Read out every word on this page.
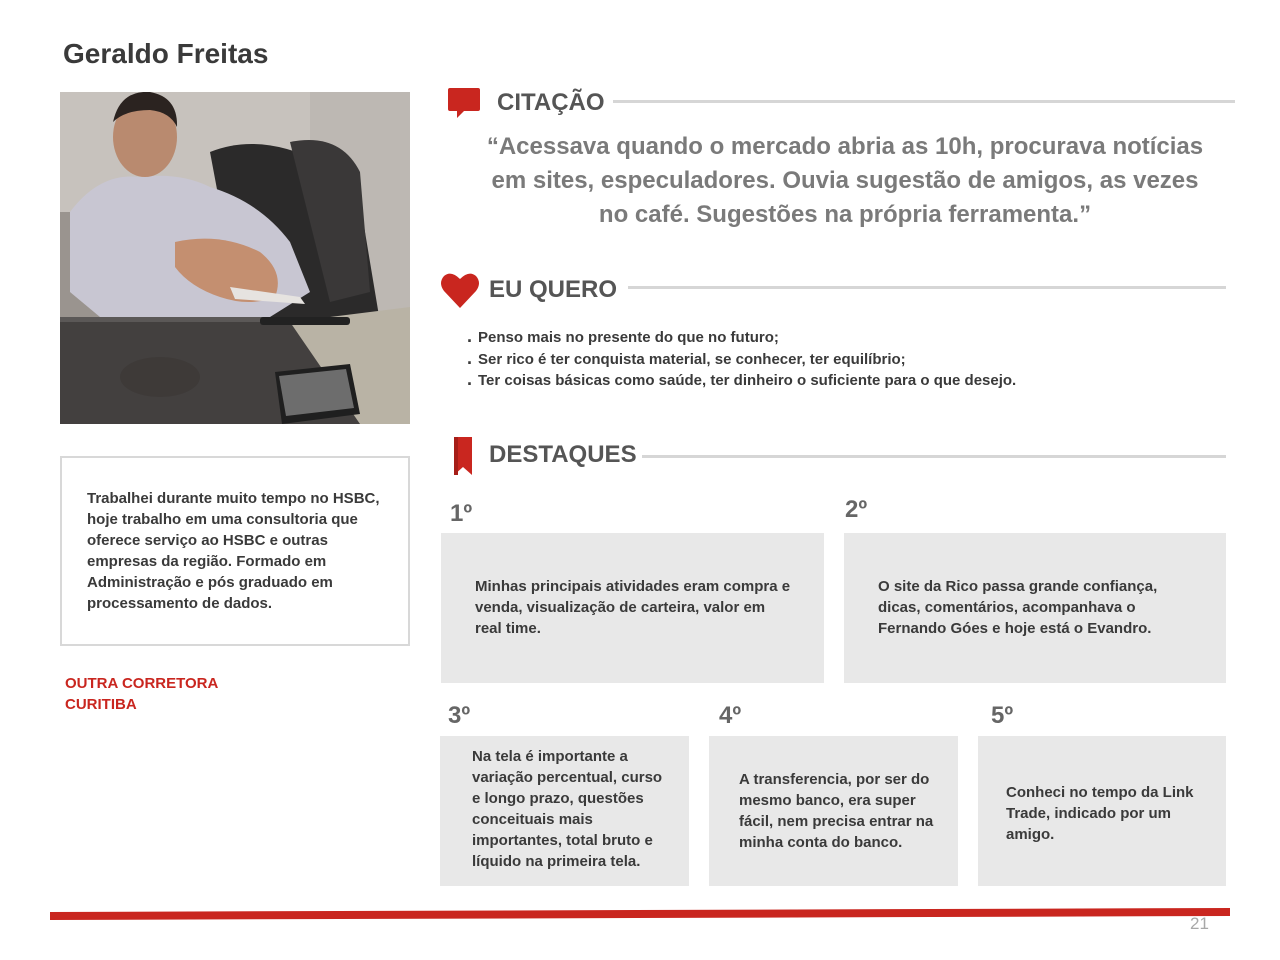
Geraldo Freitas
Trabalhei durante muito tempo no HSBC, hoje trabalho em uma consultoria que oferece serviço ao HSBC e outras empresas da região. Formado em Administração e pós graduado em processamento de dados.
OUTRA CORRETORA
CURITIBA
CITAÇÃO
“Acessava quando o mercado abria as 10h, procurava notícias
em sites, especuladores. Ouvia sugestão de amigos, as vezes
no café. Sugestões na própria ferramenta.”
EU QUERO
. Penso mais no presente do que no futuro;
. Ser rico é ter conquista material, se conhecer, ter equilíbrio;
. Ter coisas básicas como saúde, ter dinheiro o suficiente para o que desejo.
DESTAQUES
1º	2º
3º	4º	5º
Minhas principais atividades eram compra e venda, visualização de carteira, valor em real time.
O site da Rico passa grande confiança, dicas, comentários, acompanhava o Fernando Góes e hoje está o Evandro.
Na tela é importante a variação percentual, curso e longo prazo, questões conceituais mais importantes, total bruto e líquido na primeira tela.
A transferencia, por ser do mesmo banco, era super fácil, nem precisa entrar na minha conta do banco.
Conheci no tempo da Link Trade, indicado por um amigo.
21
